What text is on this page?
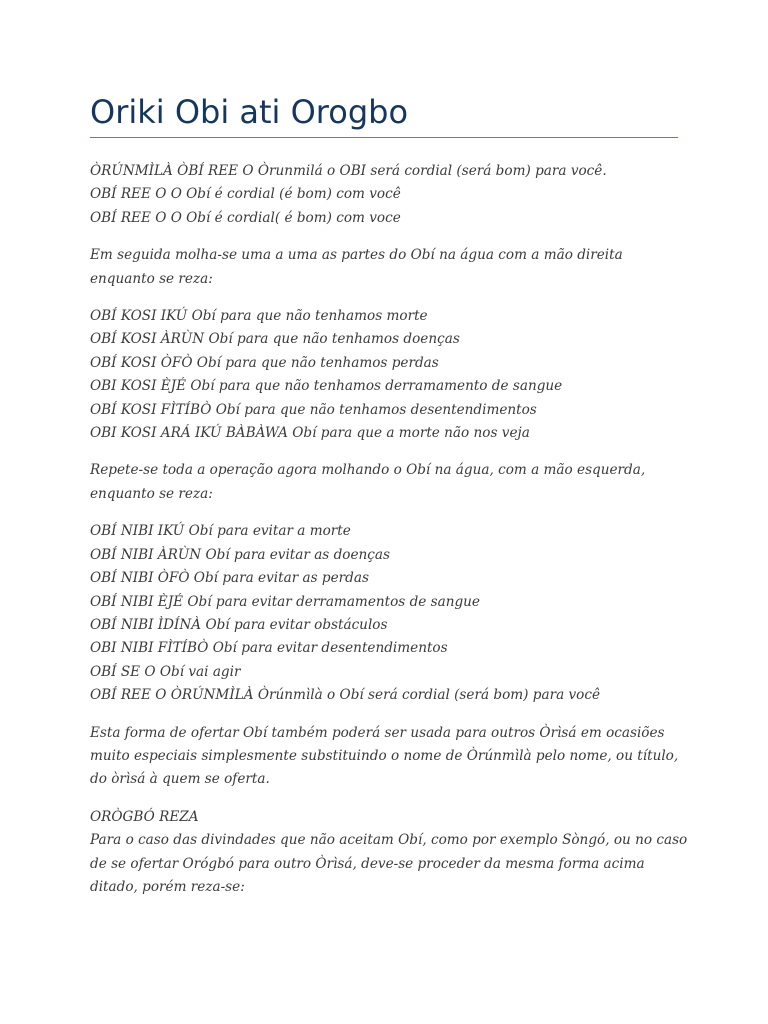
Oriki Obi ati Orogbo

ÒRÚNMÌLÀ ÒBÍ REE O Òrunmilá o OBI será cordial (será bom) para você.
OBÍ REE O O Obí é cordial (é bom) com você
OBÍ REE O O Obí é cordial( é bom) com voce

Em seguida molha-se uma a uma as partes do Obí na água com a mão direita
enquanto se reza:

OBÍ KOSI IKÚ Obí para que não tenhamos morte
OBÍ KOSI ÀRÙN Obí para que não tenhamos doenças
OBÍ KOSI ÒFÒ Obí para que não tenhamos perdas
OBI KOSI ÈJÉ Obí para que não tenhamos derramamento de sangue
OBÍ KOSI FÌTÍBÒ Obí para que não tenhamos desentendimentos
OBI KOSI ARÁ IKÚ BÀBÀWA Obí para que a morte não nos veja

Repete-se toda a operação agora molhando o Obí na água, com a mão esquerda,
enquanto se reza:

OBÍ NIBI IKÚ Obí para evitar a morte
OBÍ NIBI ÀRÙN Obí para evitar as doenças
OBÍ NIBI ÒFÒ Obí para evitar as perdas
OBÍ NIBI ÈJÉ Obí para evitar derramamentos de sangue
OBÍ NIBI ÌDÍNÀ Obí para evitar obstáculos
OBI NIBI FÌTÍBÒ Obí para evitar desentendimentos
OBÍ SE O Obí vai agir
OBÍ REE O ÒRÚNMÌLÀ Òrúnmìlà o Obí será cordial (será bom) para você

Esta forma de ofertar Obí também poderá ser usada para outros Òrìsá em ocasiões
muito especiais simplesmente substituindo o nome de Òrúnmìlà pelo nome, ou título,
do òrìsá à quem se oferta.

ORÒGBÓ REZA
Para o caso das divindades que não aceitam Obí, como por exemplo Sòngó, ou no caso
de se ofertar Orógbó para outro Òrìsá, deve-se proceder da mesma forma acima
ditado, porém reza-se:
